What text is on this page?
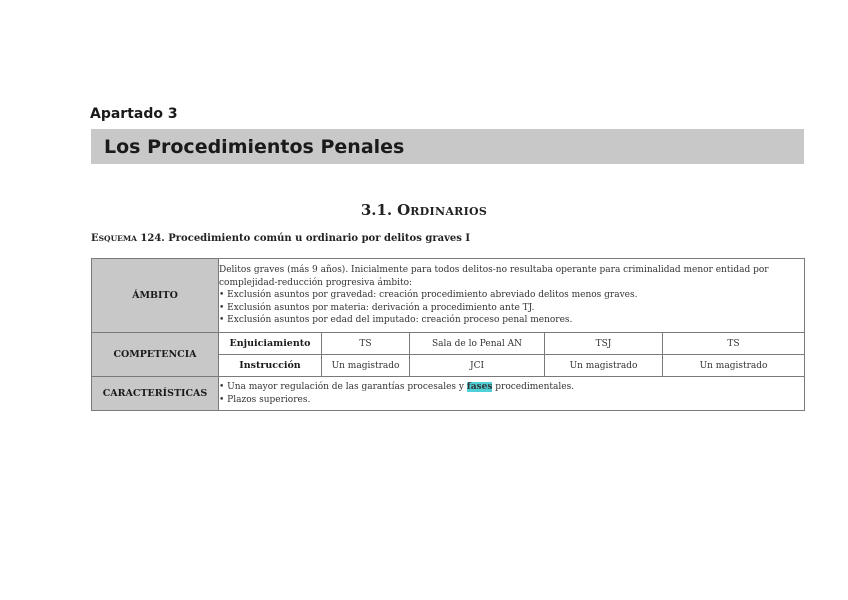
Apartado 3
Los Procedimientos Penales
3.1. ORDINARIOS
ESQUEMA 124. Procedimiento común u ordinario por delitos graves I
ÁMBITO	Delitos graves (más 9 años). Inicialmente para todos delitos-no resultaba operante para criminalidad menor entidad por complejidad-reducción progresiva ámbito:
• Exclusión asuntos por gravedad: creación procedimiento abreviado delitos menos graves.
• Exclusión asuntos por materia: derivación a procedimiento ante TJ.
• Exclusión asuntos por edad del imputado: creación proceso penal menores.				

COMPETENCIA	Enjuiciamiento	TS	Sala de lo Penal AN	TSJ	TS
	Instrucción	Un magistrado	JCI	Un magistrado	Un magistrado
CARACTERÍSTICAS	• Una mayor regulación de las garantías procesales y fases procedimentales.
• Plazos superiores.				
